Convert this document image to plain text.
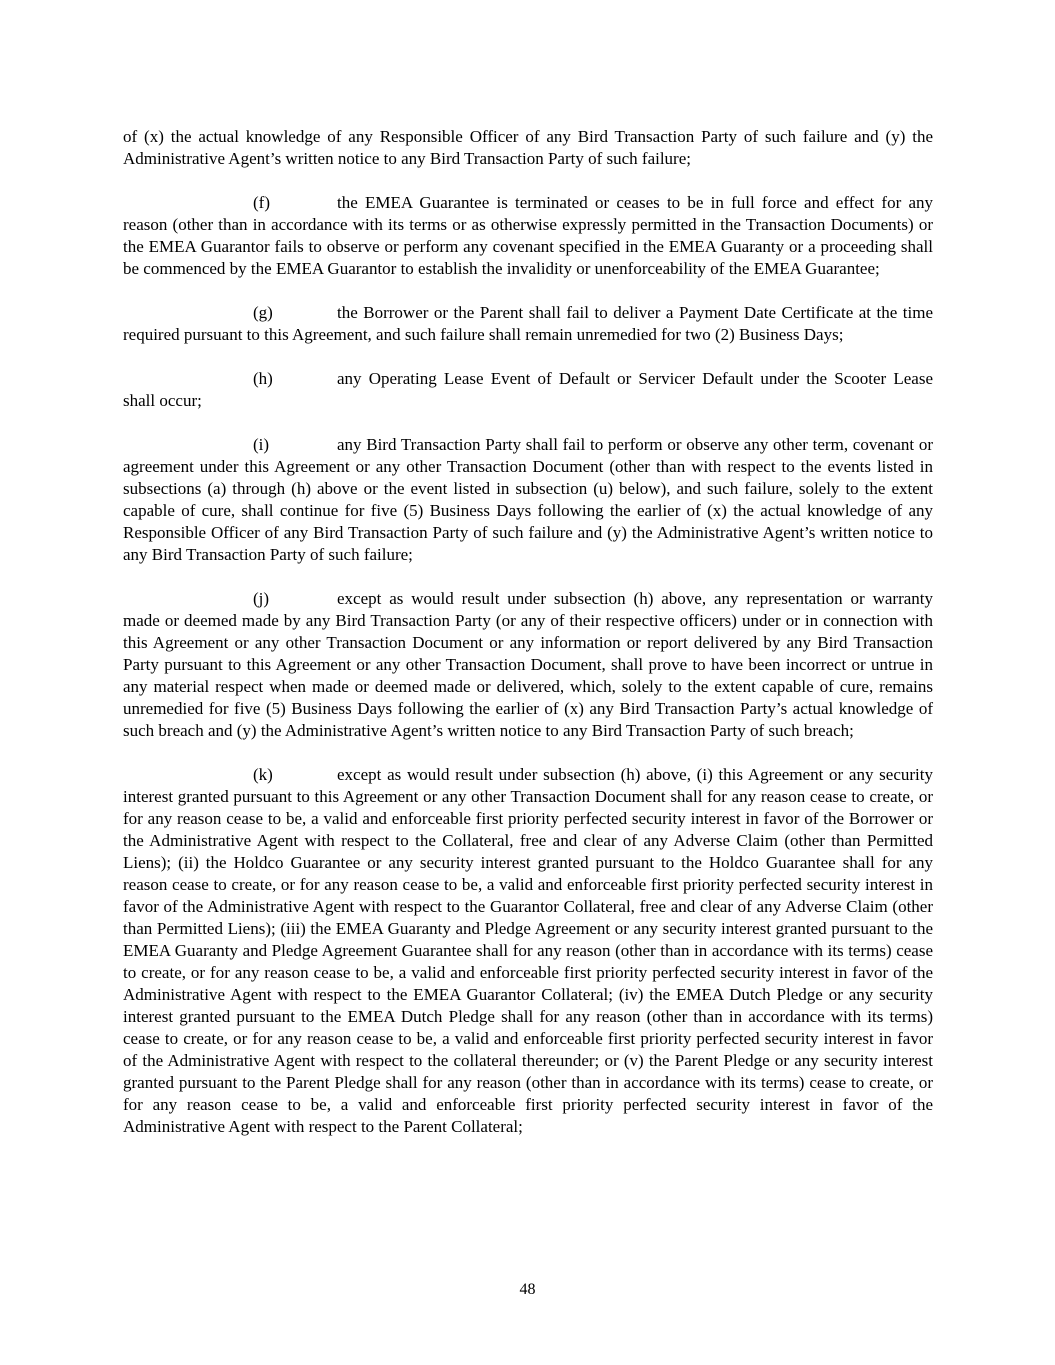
of (x) the actual knowledge of any Responsible Officer of any Bird Transaction Party of such failure and (y) the Administrative Agent’s written notice to any Bird Transaction Party of such failure;

(f)	the EMEA Guarantee is terminated or ceases to be in full force and effect for any reason (other than in accordance with its terms or as otherwise expressly permitted in the Transaction Documents) or the EMEA Guarantor fails to observe or perform any covenant specified in the EMEA Guaranty or a proceeding shall be commenced by the EMEA Guarantor to establish the invalidity or unenforceability of the EMEA Guarantee;

(g)	the Borrower or the Parent shall fail to deliver a Payment Date Certificate at the time required pursuant to this Agreement, and such failure shall remain unremedied for two (2) Business Days;

(h)	any Operating Lease Event of Default or Servicer Default under the Scooter Lease shall occur;

(i)	any Bird Transaction Party shall fail to perform or observe any other term, covenant or agreement under this Agreement or any other Transaction Document (other than with respect to the events listed in subsections (a) through (h) above or the event listed in subsection (u) below), and such failure, solely to the extent capable of cure, shall continue for five (5) Business Days following the earlier of (x) the actual knowledge of any Responsible Officer of any Bird Transaction Party of such failure and (y) the Administrative Agent’s written notice to any Bird Transaction Party of such failure;

(j)	except as would result under subsection (h) above, any representation or warranty made or deemed made by any Bird Transaction Party (or any of their respective officers) under or in connection with this Agreement or any other Transaction Document or any information or report delivered by any Bird Transaction Party pursuant to this Agreement or any other Transaction Document, shall prove to have been incorrect or untrue in any material respect when made or deemed made or delivered, which, solely to the extent capable of cure, remains unremedied for five (5) Business Days following the earlier of (x) any Bird Transaction Party’s actual knowledge of such breach and (y) the Administrative Agent’s written notice to any Bird Transaction Party of such breach;

(k)	except as would result under subsection (h) above, (i) this Agreement or any security interest granted pursuant to this Agreement or any other Transaction Document shall for any reason cease to create, or for any reason cease to be, a valid and enforceable first priority perfected security interest in favor of the Borrower or the Administrative Agent with respect to the Collateral, free and clear of any Adverse Claim (other than Permitted Liens); (ii) the Holdco Guarantee or any security interest granted pursuant to the Holdco Guarantee shall for any reason cease to create, or for any reason cease to be, a valid and enforceable first priority perfected security interest in favor of the Administrative Agent with respect to the Guarantor Collateral, free and clear of any Adverse Claim (other than Permitted Liens); (iii) the EMEA Guaranty and Pledge Agreement or any security interest granted pursuant to the EMEA Guaranty and Pledge Agreement Guarantee shall for any reason (other than in accordance with its terms) cease to create, or for any reason cease to be, a valid and enforceable first priority perfected security interest in favor of the Administrative Agent with respect to the EMEA Guarantor Collateral; (iv) the EMEA Dutch Pledge or any security interest granted pursuant to the EMEA Dutch Pledge shall for any reason (other than in accordance with its terms) cease to create, or for any reason cease to be, a valid and enforceable first priority perfected security interest in favor of the Administrative Agent with respect to the collateral thereunder; or (v) the Parent Pledge or any security interest granted pursuant to the Parent Pledge shall for any reason (other than in accordance with its terms) cease to create, or for any reason cease to be, a valid and enforceable first priority perfected security interest in favor of the Administrative Agent with respect to the Parent Collateral;

48
